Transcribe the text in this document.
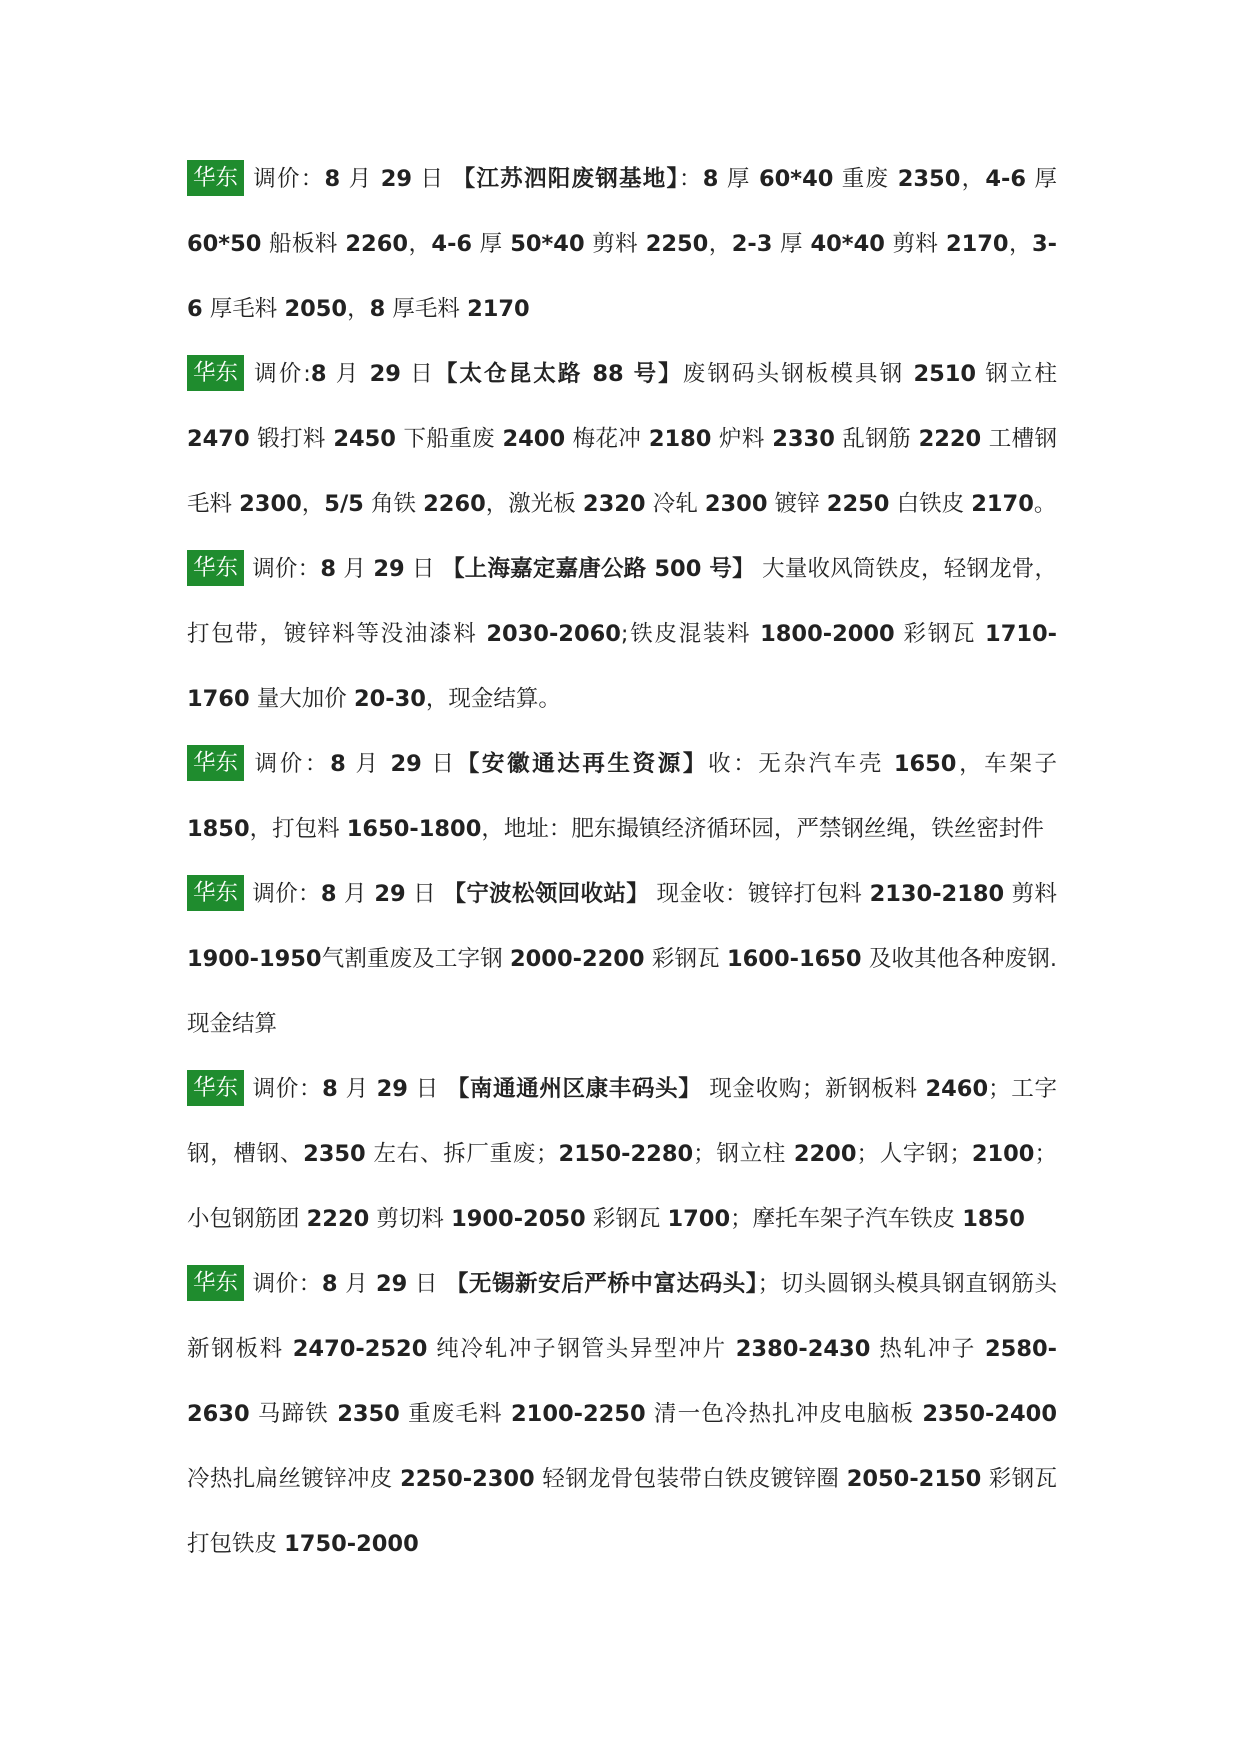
华东 调价：8 月 29 日 【江苏泗阳废钢基地】：8 厚 60*40 重废 2350，4-6 厚 60*50 船板料 2260，4-6 厚 50*40 剪料 2250，2-3 厚 40*40 剪料 2170，3-6 厚毛料 2050，8 厚毛料 2170

华东 调价:8 月 29 日【太仓昆太路 88 号】废钢码头钢板模具钢 2510 钢立柱 2470 锻打料 2450 下船重废 2400 梅花冲 2180 炉料 2330 乱钢筋 2220 工槽钢毛料 2300，5/5 角铁 2260，激光板 2320 冷轧 2300 镀锌 2250 白铁皮 2170。

华东 调价：8 月 29 日 【上海嘉定嘉唐公路 500 号】 大量收风筒铁皮，轻钢龙骨，打包带，镀锌料等没油漆料 2030-2060;铁皮混装料 1800-2000 彩钢瓦 1710-1760 量大加价 20-30，现金结算。

华东 调价：8 月 29 日【安徽通达再生资源】收：无杂汽车壳 1650，车架子 1850，打包料 1650-1800，地址：肥东撮镇经济循环园，严禁钢丝绳，铁丝密封件

华东 调价：8 月 29 日 【宁波松领回收站】 现金收：镀锌打包料 2130-2180 剪料 1900-1950气割重废及工字钢 2000-2200 彩钢瓦 1600-1650 及收其他各种废钢.现金结算

华东 调价：8 月 29 日 【南通通州区康丰码头】 现金收购；新钢板料 2460；工字钢，槽钢、2350 左右、拆厂重废；2150-2280；钢立柱 2200；人字钢；2100；小包钢筋团 2220 剪切料 1900-2050 彩钢瓦 1700；摩托车架子汽车铁皮 1850

华东 调价：8 月 29 日 【无锡新安后严桥中富达码头】；切头圆钢头模具钢直钢筋头新钢板料 2470-2520 纯冷轧冲子钢管头异型冲片 2380-2430 热轧冲子 2580-2630 马蹄铁 2350 重废毛料 2100-2250 清一色冷热扎冲皮电脑板 2350-2400 冷热扎扁丝镀锌冲皮 2250-2300 轻钢龙骨包装带白铁皮镀锌圈 2050-2150 彩钢瓦打包铁皮 1750-2000
